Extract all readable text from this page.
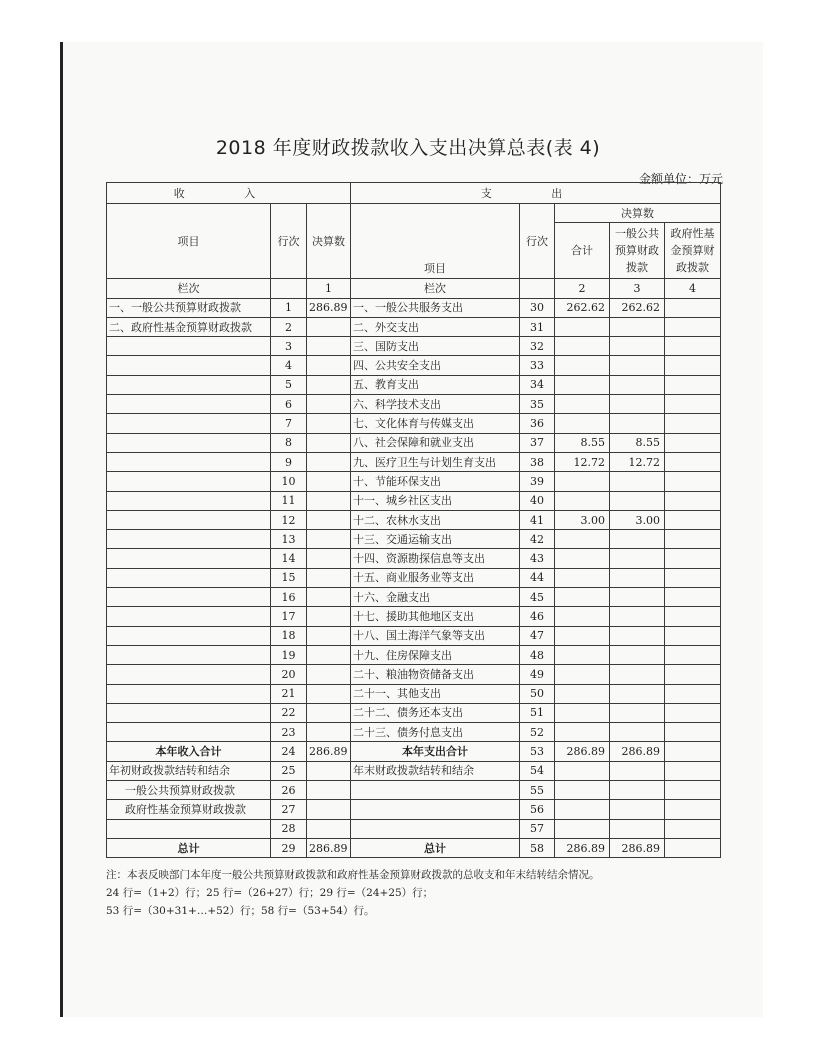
2018 年度财政拨款收入支出决算总表(表 4)
金额单位：万元
收 入			支 出				
项目	行次	决算数	项目	行次	决算数		
					合计	一般公共预算财政拨款	政府性基金预算财政拨款

栏次		1	栏次		2	3	4
一、一般公共预算财政拨款	1	286.89	一、一般公共服务支出	30	262.62	262.62	
二、政府性基金预算财政拨款	2		二、外交支出	31			
	3		三、国防支出	32			
	4		四、公共安全支出	33			
	5		五、教育支出	34			
	6		六、科学技术支出	35			
	7		七、文化体育与传媒支出	36			
	8		八、社会保障和就业支出	37	8.55	8.55	
	9		九、医疗卫生与计划生育支出	38	12.72	12.72	
	10		十、节能环保支出	39			
	11		十一、城乡社区支出	40			
	12		十二、农林水支出	41	3.00	3.00	
	13		十三、交通运输支出	42			
	14		十四、资源勘探信息等支出	43			
	15		十五、商业服务业等支出	44			
	16		十六、金融支出	45			
	17		十七、援助其他地区支出	46			
	18		十八、国土海洋气象等支出	47			
	19		十九、住房保障支出	48			
	20		二十、粮油物资储备支出	49			
	21		二十一、其他支出	50			
	22		二十二、债务还本支出	51			
	23		二十三、债务付息支出	52			
本年收入合计	24	286.89	本年支出合计	53	286.89	286.89	
年初财政拨款结转和结余	25		年末财政拨款结转和结余	54			
一般公共预算财政拨款	26			55			
政府性基金预算财政拨款	27			56			
	28			57			
总计	29	286.89	总计	58	286.89	286.89	
注：本表反映部门本年度一般公共预算财政拨款和政府性基金预算财政拨款的总收支和年末结转结余情况。
24 行=（1+2）行；25 行=（26+27）行；29 行=（24+25）行；
53 行=（30+31+…+52）行；58 行=（53+54）行。
